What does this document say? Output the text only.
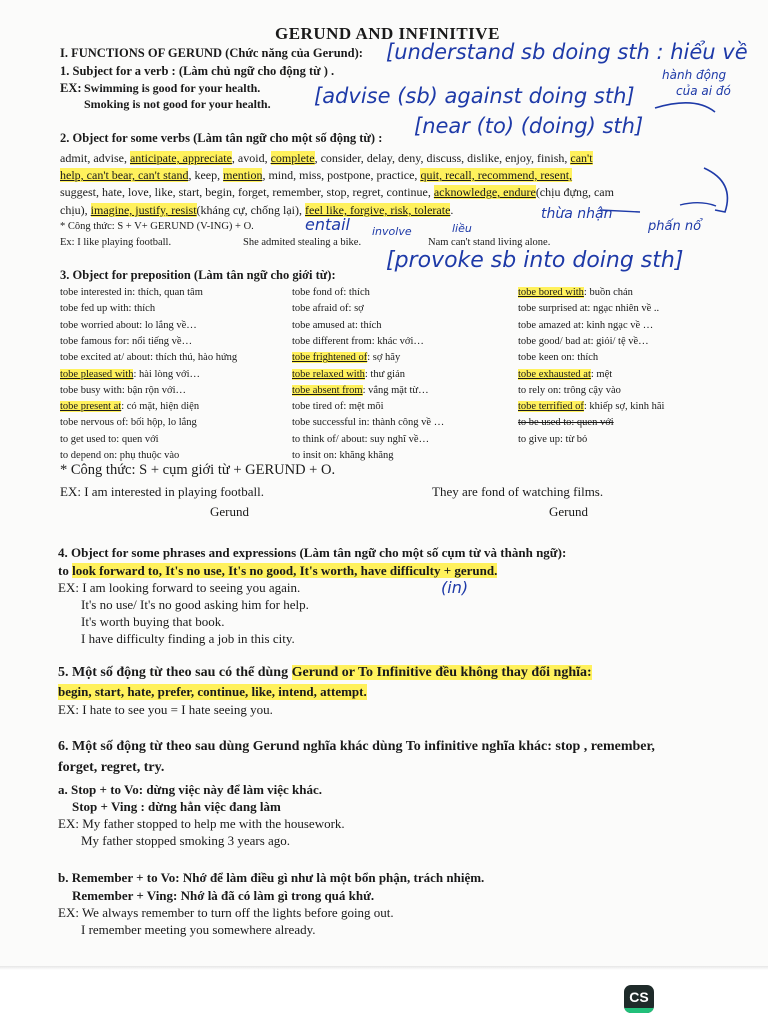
GERUND AND INFINITIVE
I. FUNCTIONS OF GERUND (Chức năng của Gerund):
1. Subject for a verb : (Làm chủ ngữ cho động từ ) .
EX: Swimming is good for your health.
Smoking is not good for your health.
2. Object for some verbs (Làm tân ngữ cho một số động từ) :
admit, advise, anticipate, appreciate, avoid, complete, consider, delay, deny, discuss, dislike, enjoy, finish, can't
help, can't bear, can't stand, keep, mention, mind, miss, postpone, practice, quit, recall, recommend, resent,
suggest, hate, love, like, start, begin, forget, remember, stop, regret, continue, acknowledge, endure(chịu đựng, cam
chịu), imagine, justify, resist(kháng cự, chống lại), feel like, forgive, risk, tolerate.
* Công thức: S + V+ GERUND (V-ING) + O.
Ex: I like playing football.	She admited stealing a bike.	Nam can't stand living alone.
3. Object for preposition (Làm tân ngữ cho giới từ):
tobe interested in: thích, quan tâm
tobe fed up with: thích
tobe worried about: lo lắng về…
tobe famous for: nổi tiếng về…
tobe excited at/ about: thích thú, hào hứng
tobe pleased with: hài lòng với…
tobe busy with: bận rộn với…
tobe present at: có mặt, hiện diện
tobe nervous of: bối hộp, lo lắng
to get used to: quen với
to depend on: phụ thuộc vào
tobe fond of: thích
tobe afraid of: sợ
tobe amused at: thích
tobe different from: khác với…
tobe frightened of: sợ hãy
tobe relaxed with: thư giản
tobe absent from: vắng mặt từ…
tobe tired of: mệt mõi
tobe successful in: thành công về …
to think of/ about: suy nghĩ về…
to insit on: khăng khăng
tobe bored with: buồn chán
tobe surprised at: ngạc nhiên về ..
tobe amazed at: kinh ngạc về …
tobe good/ bad at: giỏi/ tệ về…
tobe keen on: thích
tobe exhausted at: mệt
to rely on: trông cậy vào
tobe terrified of: khiếp sợ, kinh hãi
to be used to: quen với
to give up: từ bỏ
* Công thức: S + cụm giới từ + GERUND + O.
EX: I am interested in playing football.	They are fond of watching films.
Gerund	Gerund
4. Object for some phrases and expressions (Làm tân ngữ cho một số cụm từ và thành ngữ):
to look forward to, It's no use, It's no good, It's worth, have difficulty + gerund.
EX: I am looking forward to seeing you again.
It's no use/ It's no good asking him for help.
It's worth buying that book.
I have difficulty finding a job in this city.
5. Một số động từ theo sau có thể dùng Gerund or To Infinitive đều không thay đổi nghĩa:
begin, start, hate, prefer, continue, like, intend, attempt.
EX: I hate to see you = I hate seeing you.
6. Một số động từ theo sau dùng Gerund nghĩa khác dùng To infinitive nghĩa khác: stop , remember,
forget, regret, try.
a. Stop + to Vo: dừng việc này để làm việc khác.
Stop + Ving : dừng hẳn việc đang làm
EX: My father stopped to help me with the housework.
My father stopped smoking 3 years ago.
b. Remember + to Vo: Nhớ để làm điều gì như là một bổn phận, trách nhiệm.
Remember + Ving: Nhớ là đã có làm gì trong quá khứ.
EX: We always remember to turn off the lights before going out.
I remember meeting you somewhere already.
[understand sb doing sth : hiểu về
hành động
của ai đó
[advise (sb) against doing sth]
[near (to) (doing) sth]
entail involve	liều
thừa nhận
phấn nổ
[provoke sb into doing sth]
(in)
CS
